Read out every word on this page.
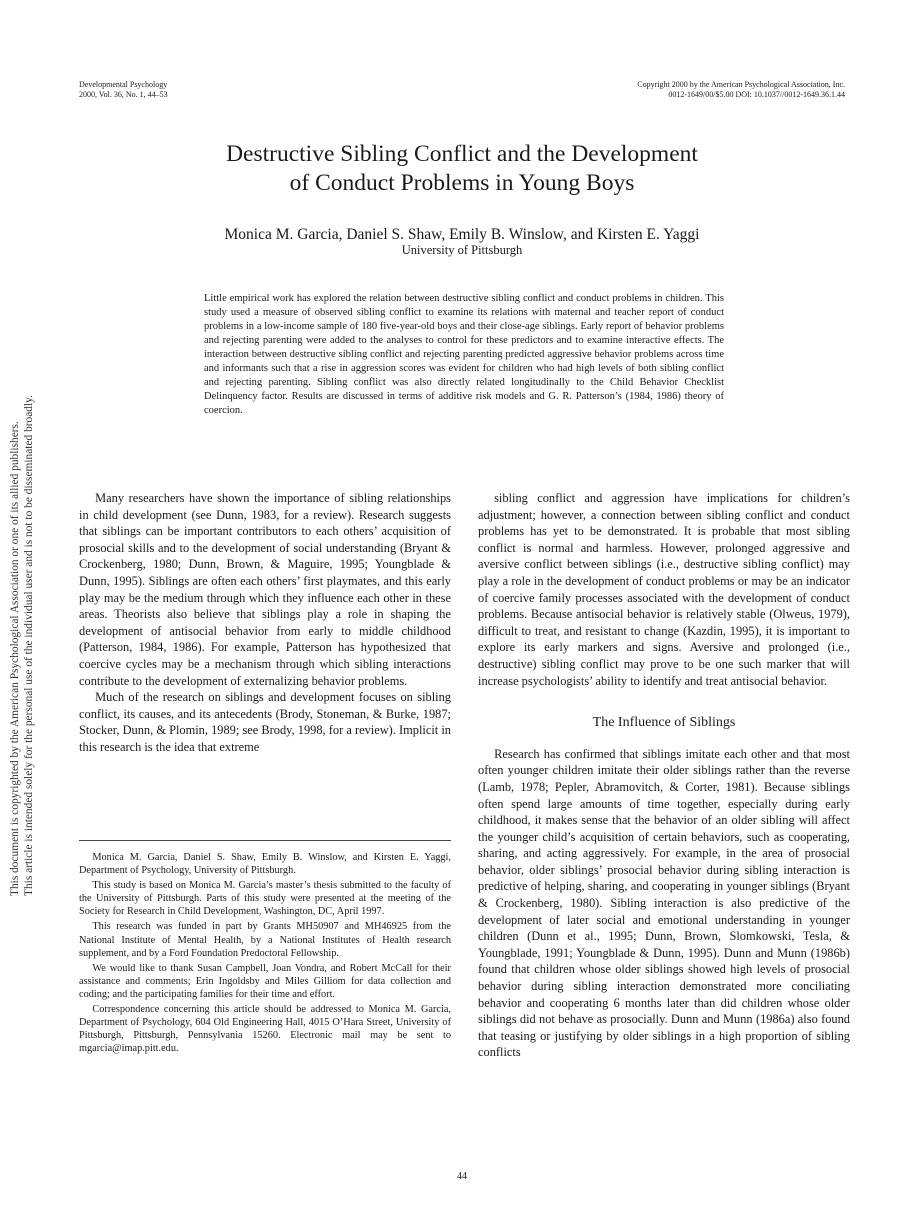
Developmental Psychology
2000, Vol. 36, No. 1, 44–53
Copyright 2000 by the American Psychological Association, Inc.
0012-1649/00/$5.00 DOI: 10.1037//0012-1649.36.1.44
Destructive Sibling Conflict and the Development
of Conduct Problems in Young Boys
Monica M. Garcia, Daniel S. Shaw, Emily B. Winslow, and Kirsten E. Yaggi
University of Pittsburgh
Little empirical work has explored the relation between destructive sibling conflict and conduct problems in children. This study used a measure of observed sibling conflict to examine its relations with maternal and teacher report of conduct problems in a low-income sample of 180 five-year-old boys and their close-age siblings. Early report of behavior problems and rejecting parenting were added to the analyses to control for these predictors and to examine interactive effects. The interaction between destructive sibling conflict and rejecting parenting predicted aggressive behavior problems across time and informants such that a rise in aggression scores was evident for children who had high levels of both sibling conflict and rejecting parenting. Sibling conflict was also directly related longitudinally to the Child Behavior Checklist Delinquency factor. Results are discussed in terms of additive risk models and G. R. Patterson’s (1984, 1986) theory of coercion.
This document is copyrighted by the American Psychological Association or one of its allied publishers. This article is intended solely for the personal use of the individual user and is not to be disseminated broadly.	Many researchers have shown the importance of sibling relationships in child development (see Dunn, 1983, for a review). Research suggests that siblings can be important contributors to each others’ acquisition of prosocial skills and to the development of social understanding (Bryant & Crockenberg, 1980; Dunn, Brown, & Maguire, 1995; Youngblade & Dunn, 1995). Siblings are often each others’ first playmates, and this early play may be the medium through which they influence each other in these areas. Theorists also believe that siblings play a role in shaping the development of antisocial behavior from early to middle childhood (Patterson, 1984, 1986). For example, Patterson has hypothesized that coercive cycles may be a mechanism through which sibling interactions contribute to the development of externalizing behavior problems.

Much of the research on siblings and development focuses on sibling conflict, its causes, and its antecedents (Brody, Stoneman, & Burke, 1987; Stocker, Dunn, & Plomin, 1989; see Brody, 1998, for a review). Implicit in this research is the idea that extreme

Monica M. Garcia, Daniel S. Shaw, Emily B. Winslow, and Kirsten E. Yaggi, Department of Psychology, University of Pittsburgh.

This study is based on Monica M. Garcia’s master’s thesis submitted to the faculty of the University of Pittsburgh. Parts of this study were presented at the meeting of the Society for Research in Child Development, Washington, DC, April 1997.

This research was funded in part by Grants MH50907 and MH46925 from the National Institute of Mental Health, by a National Institutes of Health research supplement, and by a Ford Foundation Predoctoral Fellowship.

We would like to thank Susan Campbell, Joan Vondra, and Robert McCall for their assistance and comments; Erin Ingoldsby and Miles Gilliom for data collection and coding; and the participating families for their time and effort.

Correspondence concerning this article should be addressed to Monica M. Garcia, Department of Psychology, 604 Old Engineering Hall, 4015 O’Hara Street, University of Pittsburgh, Pittsburgh, Pennsylvania 15260. Electronic mail may be sent to mgarcia@imap.pitt.edu.

sibling conflict and aggression have implications for children’s adjustment; however, a connection between sibling conflict and conduct problems has yet to be demonstrated. It is probable that most sibling conflict is normal and harmless. However, prolonged aggressive and aversive conflict between siblings (i.e., destructive sibling conflict) may play a role in the development of conduct problems or may be an indicator of coercive family processes associated with the development of conduct problems. Because antisocial behavior is relatively stable (Olweus, 1979), difficult to treat, and resistant to change (Kazdin, 1995), it is important to explore its early markers and signs. Aversive and prolonged (i.e., destructive) sibling conflict may prove to be one such marker that will increase psychologists’ ability to identify and treat antisocial behavior.

The Influence of Siblings

Research has confirmed that siblings imitate each other and that most often younger children imitate their older siblings rather than the reverse (Lamb, 1978; Pepler, Abramovitch, & Corter, 1981). Because siblings often spend large amounts of time together, especially during early childhood, it makes sense that the behavior of an older sibling will affect the younger child’s acquisition of certain behaviors, such as cooperating, sharing, and acting aggressively. For example, in the area of prosocial behavior, older siblings’ prosocial behavior during sibling interaction is predictive of helping, sharing, and cooperating in younger siblings (Bryant & Crockenberg, 1980). Sibling interaction is also predictive of the development of later social and emotional understanding in younger children (Dunn et al., 1995; Dunn, Brown, Slomkowski, Tesla, & Youngblade, 1991; Youngblade & Dunn, 1995). Dunn and Munn (1986b) found that children whose older siblings showed high levels of prosocial behavior during sibling interaction demonstrated more conciliating behavior and cooperating 6 months later than did children whose older siblings did not behave as prosocially. Dunn and Munn (1986a) also found that teasing or justifying by older siblings in a high proportion of sibling conflicts

44
